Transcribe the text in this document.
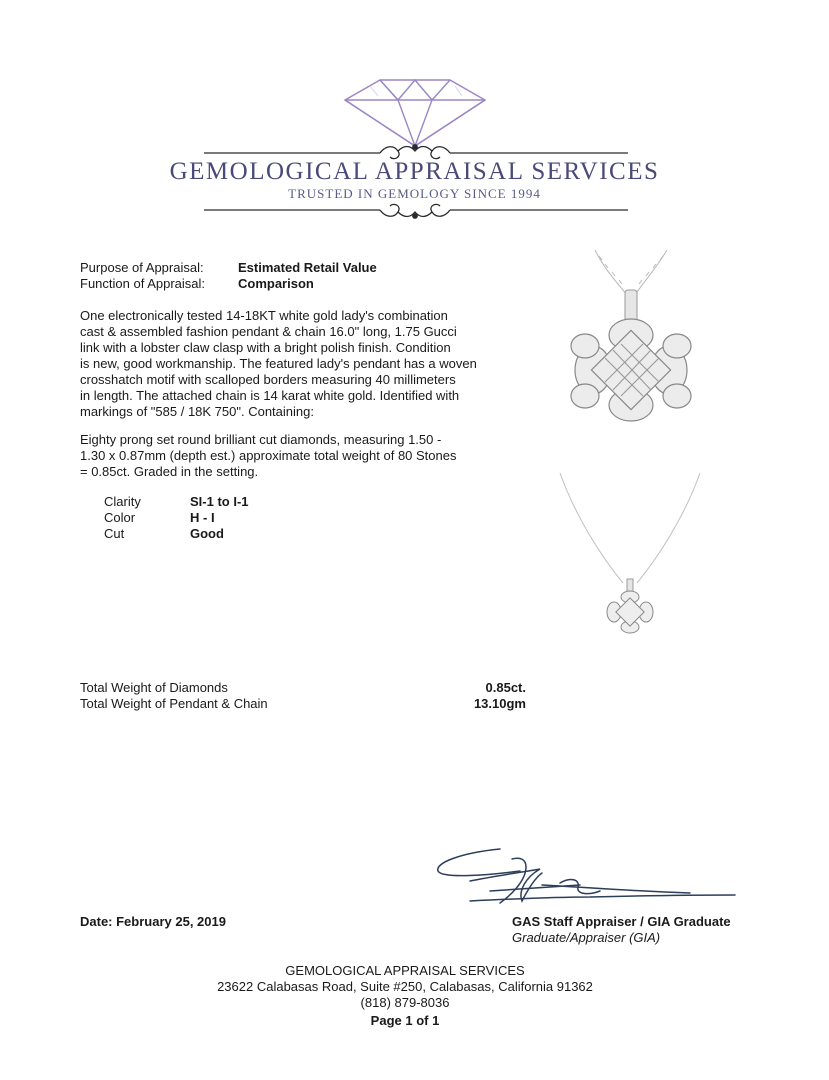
GEMOLOGICAL APPRAISAL SERVICES
TRUSTED IN GEMOLOGY SINCE 1994
Purpose of Appraisal:	Estimated Retail Value
Function of Appraisal:	Comparison
One electronically tested 14-18KT white gold lady's combination
cast & assembled fashion pendant & chain 16.0" long, 1.75 Gucci
link with a lobster claw clasp with a bright polish finish. Condition
is new, good workmanship. The featured lady's pendant has a woven
crosshatch motif with scalloped borders measuring 40 millimeters
in length. The attached chain is 14 karat white gold. Identified with
markings of "585 / 18K 750". Containing:
Eighty prong set round brilliant cut diamonds, measuring 1.50 -
1.30 x 0.87mm (depth est.) approximate total weight of 80 Stones
= 0.85ct. Graded in the setting.
Clarity	SI-1 to I-1
Color	H - I
Cut	Good
Total Weight of Diamonds	0.85ct.
Total Weight of Pendant & Chain	13.10gm
Date: February 25, 2019	GAS Staff Appraiser / GIA Graduate
Graduate/Appraiser (GIA)
GEMOLOGICAL APPRAISAL SERVICES
23622 Calabasas Road, Suite #250, Calabasas, California 91362
(818) 879-8036
Page 1 of 1
